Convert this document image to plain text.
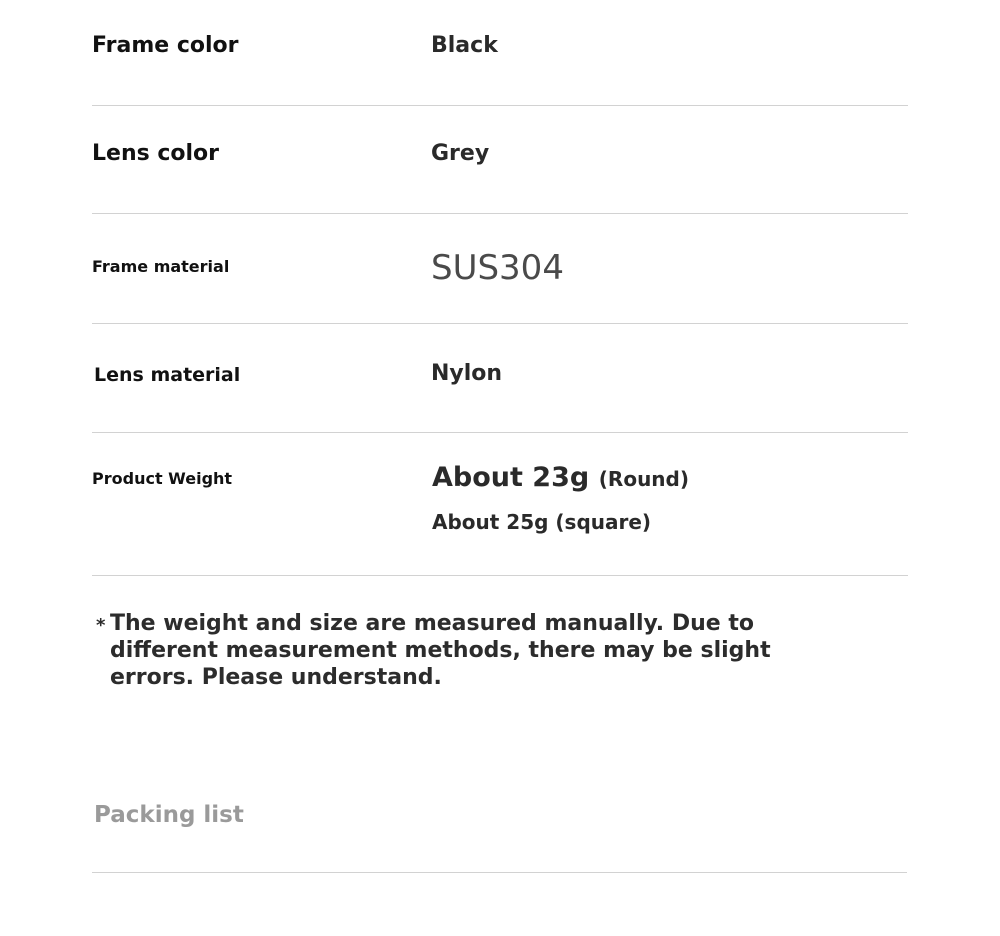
Frame color	Black
Lens color	Grey
Frame material	SUS304
Lens material	Nylon
Product Weight	About 23g (Round)
About 25g (square)
* The weight and size are measured manually. Due to different measurement methods, there may be slight errors. Please understand.
Packing list
